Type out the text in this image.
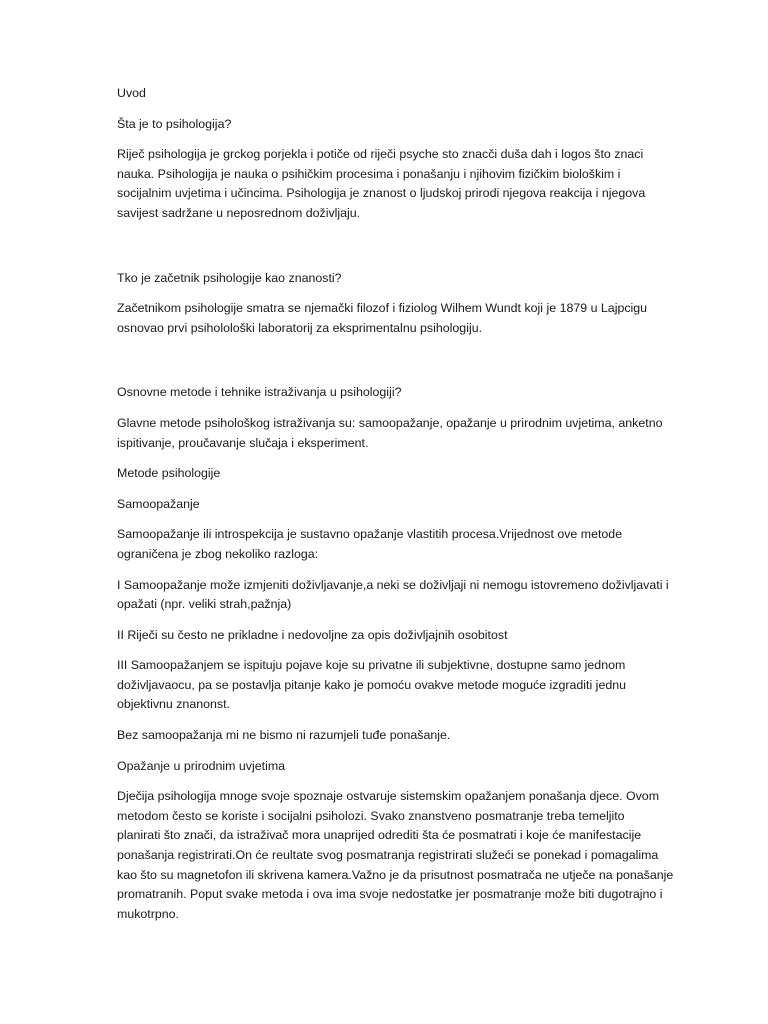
Uvod

Šta je to psihologija?

Riječ psihologija je grckog porjekla i potiče od riječi psyche sto znacči duša dah i logos što znaci
nauka. Psihologija je nauka o psihičkim procesima i ponašanju i njihovim fizičkim biološkim i
socijalnim uvjetima i učincima. Psihologija je znanost o ljudskoj prirodi njegova reakcija i njegova
savijest sadržane u neposrednom doživljaju.

Tko je začetnik psihologije kao znanosti?

Začetnikom psihologije smatra se njemački filozof i fiziolog Wilhem Wundt koji je 1879 u Lajpcigu
osnovao prvi psiholološki laboratorij za eksprimentalnu psihologiju.

Osnovne metode i tehnike istraživanja u psihologiji?

Glavne metode psihološkog istraživanja su: samoopažanje, opažanje u prirodnim uvjetima, anketno
ispitivanje, proučavanje slučaja i eksperiment.

Metode psihologije

Samoopažanje

Samoopažanje ili introspekcija je sustavno opažanje vlastitih procesa.Vrijednost ove metode
ograničena je zbog nekoliko razloga:

I Samoopažanje može izmjeniti doživljavanje,a neki se doživljaji ni nemogu istovremeno doživljavati i
opažati (npr. veliki strah,pažnja)

II Riječi su često ne prikladne i nedovoljne za opis doživljajnih osobitost

III Samoopažanjem se ispituju pojave koje su privatne ili subjektivne, dostupne samo jednom
doživljavaocu, pa se postavlja pitanje kako je pomoću ovakve metode moguće izgraditi jednu
objektivnu znanonst.

Bez samoopažanja mi ne bismo ni razumjeli tuđe ponašanje.

Opažanje u prirodnim uvjetima

Dječija psihologija mnoge svoje spoznaje ostvaruje sistemskim opažanjem ponašanja djece. Ovom
metodom često se koriste i socijalni psiholozi. Svako znanstveno posmatranje treba temeljito
planirati što znači, da istraživač mora unaprijed odrediti šta će posmatrati i koje će manifestacije
ponašanja registrirati.On će reultate svog posmatranja registrirati služeći se ponekad i pomagalima
kao što su magnetofon ili skrivena kamera.Važno je da prisutnost posmatrača ne utječe na ponašanje
promatranih. Poput svake metoda i ova ima svoje nedostatke jer posmatranje može biti dugotrajno i
mukotrpno.
